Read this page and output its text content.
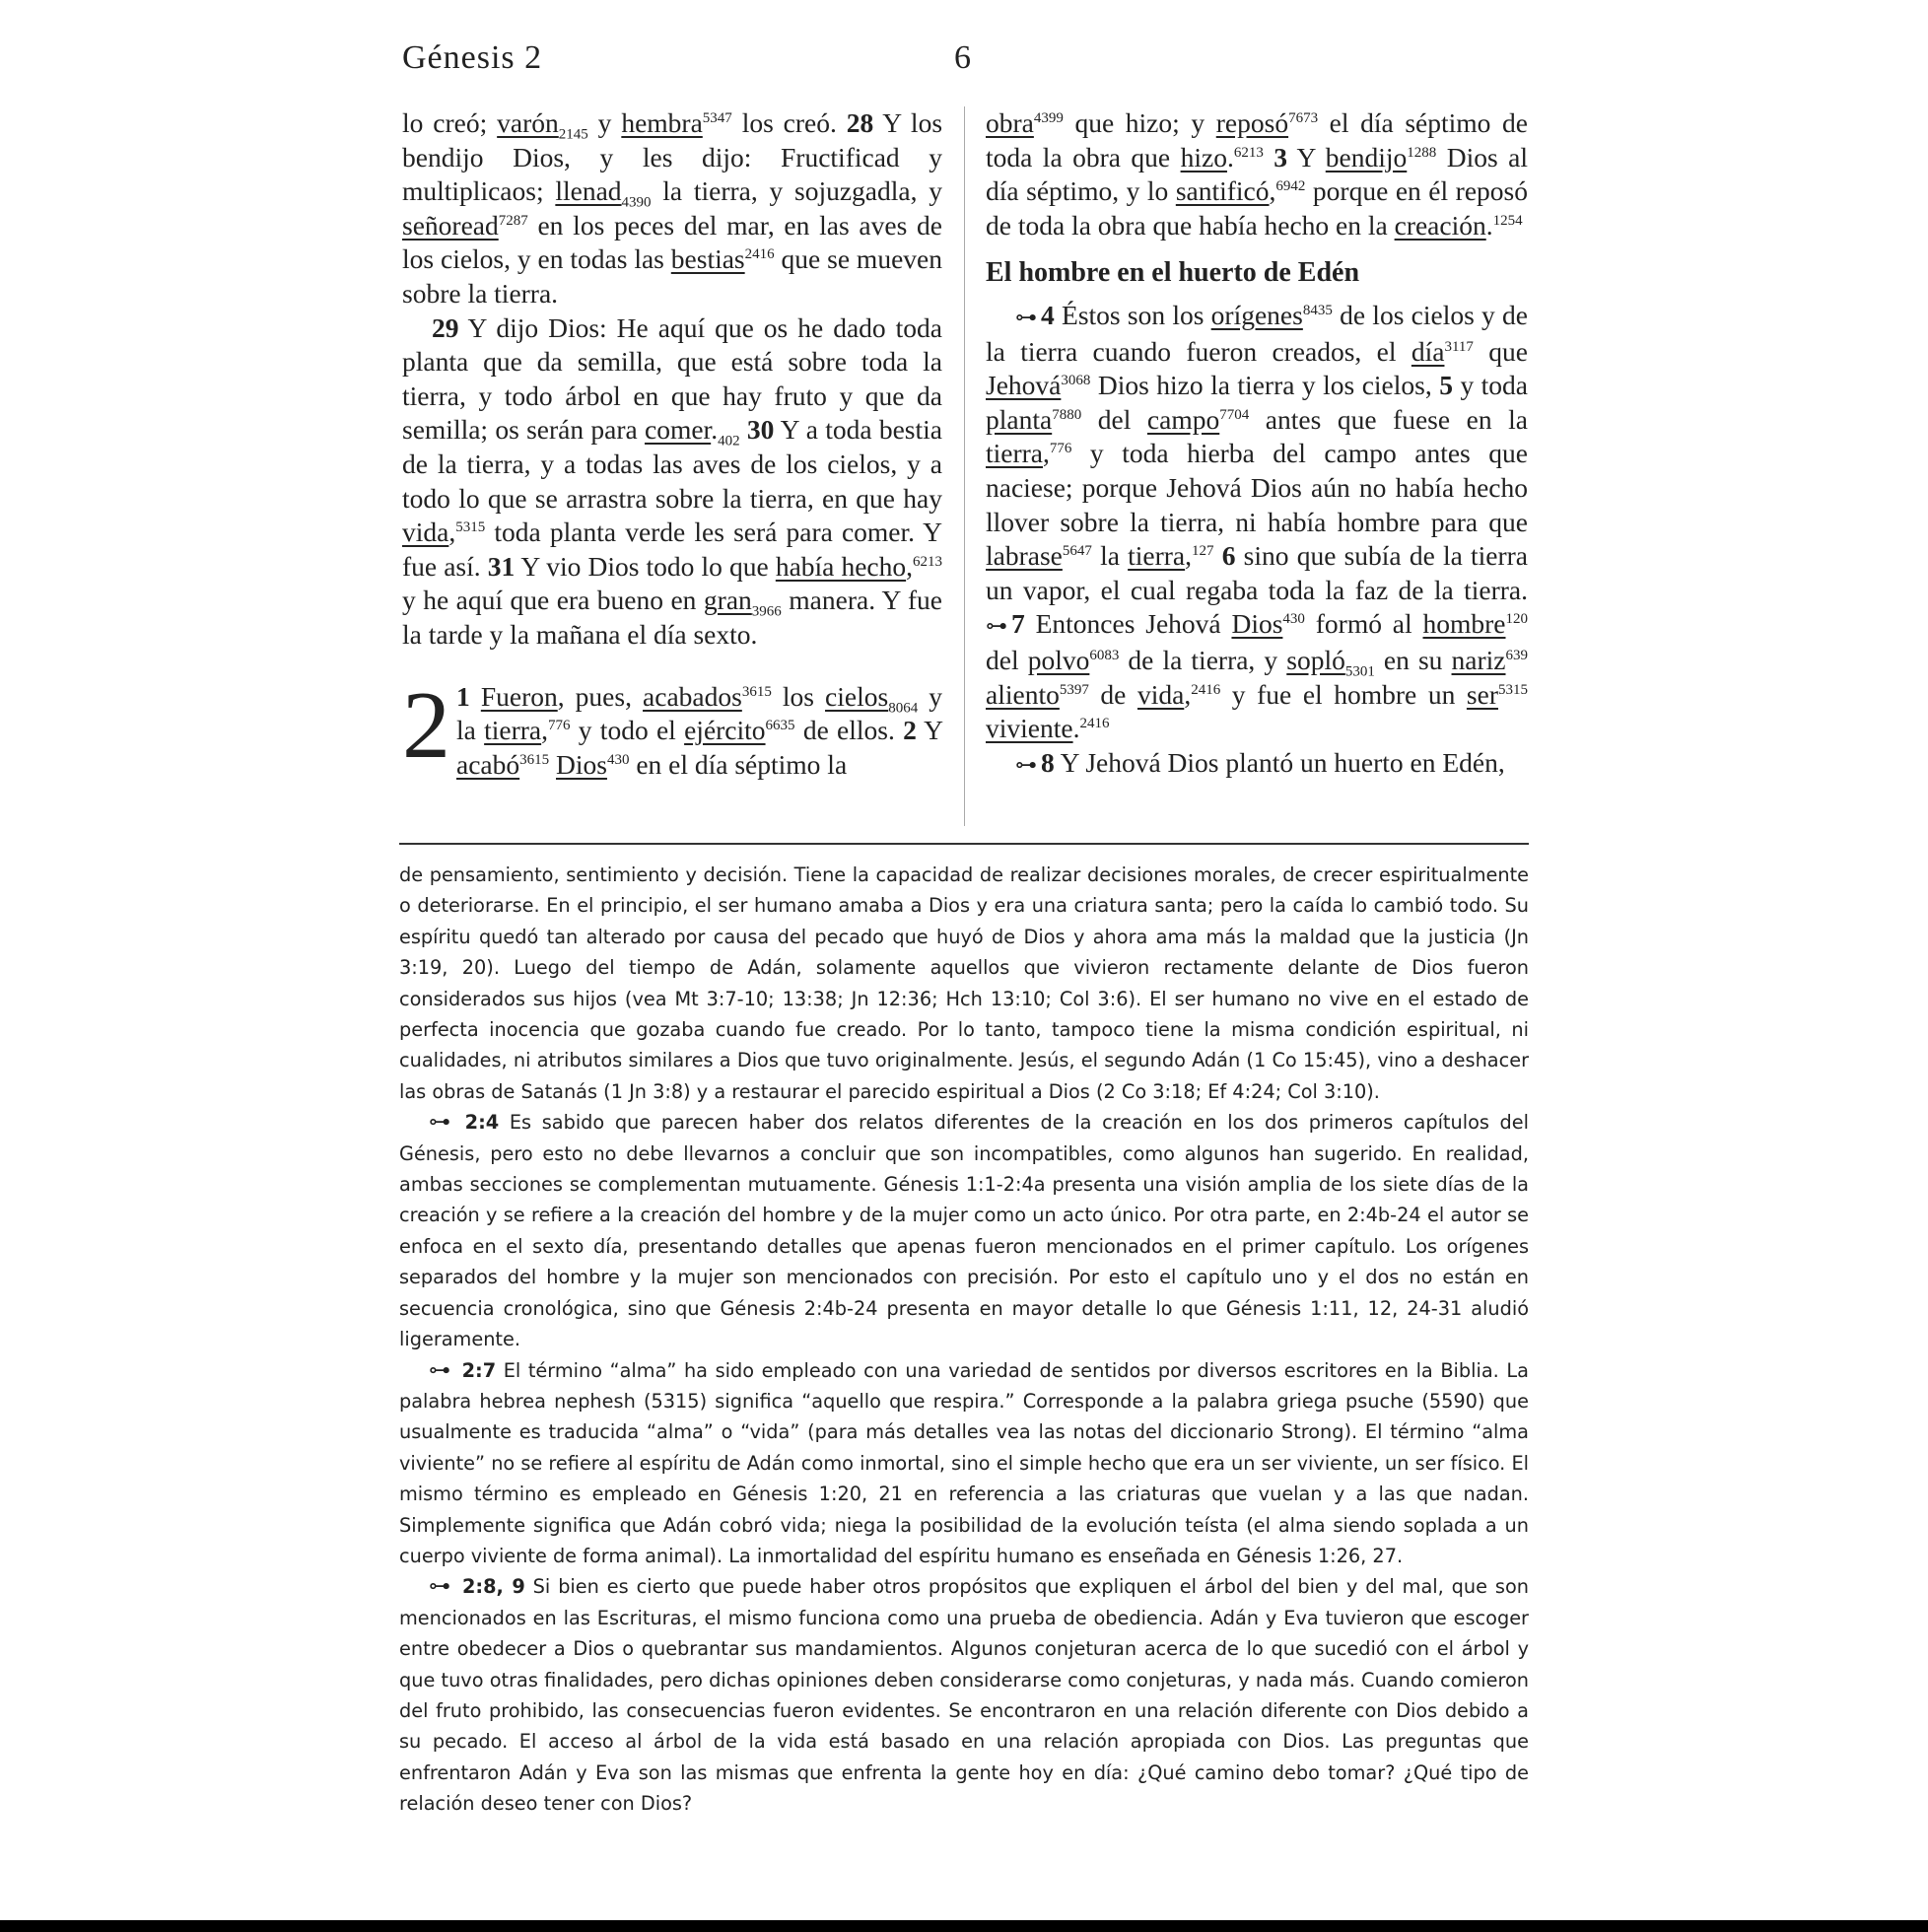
Génesis 2	6

lo creó; varón$_{2145}$ y hembra$^{5347}$ los creó. 28 Y los bendijo Dios, y les dijo: Fructificad y multiplicaos; llenad$_{4390}$ la tierra, y sojuzgadla, y señoread$^{7287}$ en los peces del mar, en las aves de los cielos, y en todas las bestias$^{2416}$ que se mueven sobre la tierra.

29 Y dijo Dios: He aquí que os he dado toda planta que da semilla, que está sobre toda la tierra, y todo árbol en que hay fruto y que da semilla; os serán para $comer._{402}$ 30 Y a toda bestia de la tierra, y a todas las aves de los cielos, y a todo lo que se arrastra sobre la tierra, en que hay vida,$^{5315}$ toda planta verde les será para comer. Y fue así. 31 Y vio Dios todo lo que había hecho,$^{6213}$ y he aquí que era bueno en gran$_{3966}$ manera. Y fue la tarde y la mañana el día sexto.

2 1 Fueron, pues, acabados$^{3615}$ los cielos$_{8064}$ y la tierra,$^{776}$ y todo el ejército$^{6635}$ de ellos. 2 Y acabó$^{3615}$ Dios$^{430}$ en el día séptimo la

obra$^{4399}$ que hizo; y reposó$^{7673}$ el día séptimo de toda la obra que hizo.$^{6213}$ 3 Y bendijo$^{1288}$ Dios al día séptimo, y lo santificó,$^{6942}$ porque en él reposó de toda la obra que había hecho en la creación.$^{1254}$

El hombre en el huerto de Edén

⊶ 4 Éstos son los orígenes$^{8435}$ de los cielos y de la tierra cuando fueron creados, el día$^{3117}$ que Jehová$^{3068}$ Dios hizo la tierra y los cielos, 5 y toda planta$^{7880}$ del campo$^{7704}$ antes que fuese en la tierra,$^{776}$ y toda hierba del campo antes que naciese; porque Jehová Dios aún no había hecho llover sobre la tierra, ni había hombre para que labrase$^{5647}$ la tierra,$^{127}$ 6 sino que subía de la tierra un vapor, el cual regaba toda la faz de la tierra. ⊶ 7 Entonces Jehová Dios$^{430}$ formó al hombre$^{120}$ del polvo$^{6083}$ de la tierra, y sopló$_{5301}$ en su nariz$^{639}$ aliento$^{5397}$ de vida,$^{2416}$ y fue el hombre un ser$^{5315}$ viviente.$^{2416}$

⊶ 8 Y Jehová Dios plantó un huerto en Edén,

de pensamiento, sentimiento y decisión. Tiene la capacidad de realizar decisiones morales, de crecer espiritualmente o deteriorarse. En el principio, el ser humano amaba a Dios y era una criatura santa; pero la caída lo cambió todo. Su espíritu quedó tan alterado por causa del pecado que huyó de Dios y ahora ama más la maldad que la justicia (Jn 3:19, 20). Luego del tiempo de Adán, solamente aquellos que vivieron rectamente delante de Dios fueron considerados sus hijos (vea Mt 3:7-10; 13:38; Jn 12:36; Hch 13:10; Col 3:6). El ser humano no vive en el estado de perfecta inocencia que gozaba cuando fue creado. Por lo tanto, tampoco tiene la misma condición espiritual, ni cualidades, ni atributos similares a Dios que tuvo originalmente. Jesús, el segundo Adán (1 Co 15:45), vino a deshacer las obras de Satanás (1 Jn 3:8) y a restaurar el parecido espiritual a Dios (2 Co 3:18; Ef 4:24; Col 3:10).

⊶ 2:4 Es sabido que parecen haber dos relatos diferentes de la creación en los dos primeros capítulos del Génesis, pero esto no debe llevarnos a concluir que son incompatibles, como algunos han sugerido. En realidad, ambas secciones se complementan mutuamente. Génesis 1:1-2:4a presenta una visión amplia de los siete días de la creación y se refiere a la creación del hombre y de la mujer como un acto único. Por otra parte, en 2:4b-24 el autor se enfoca en el sexto día, presentando detalles que apenas fueron mencionados en el primer capítulo. Los orígenes separados del hombre y la mujer son mencionados con precisión. Por esto el capítulo uno y el dos no están en secuencia cronológica, sino que Génesis 2:4b-24 presenta en mayor detalle lo que Génesis 1:11, 12, 24-31 aludió ligeramente.

⊶ 2:7 El término “alma” ha sido empleado con una variedad de sentidos por diversos escritores en la Biblia. La palabra hebrea nephesh (5315) significa “aquello que respira.” Corresponde a la palabra griega psuche (5590) que usualmente es traducida “alma” o “vida” (para más detalles vea las notas del diccionario Strong). El término “alma viviente” no se refiere al espíritu de Adán como inmortal, sino el simple hecho que era un ser viviente, un ser físico. El mismo término es empleado en Génesis 1:20, 21 en referencia a las criaturas que vuelan y a las que nadan. Simplemente significa que Adán cobró vida; niega la posibilidad de la evolución teísta (el alma siendo soplada a un cuerpo viviente de forma animal). La inmortalidad del espíritu humano es enseñada en Génesis 1:26, 27.

⊶ 2:8, 9 Si bien es cierto que puede haber otros propósitos que expliquen el árbol del bien y del mal, que son mencionados en las Escrituras, el mismo funciona como una prueba de obediencia. Adán y Eva tuvieron que escoger entre obedecer a Dios o quebrantar sus mandamientos. Algunos conjeturan acerca de lo que sucedió con el árbol y que tuvo otras finalidades, pero dichas opiniones deben considerarse como conjeturas, y nada más. Cuando comieron del fruto prohibido, las consecuencias fueron evidentes. Se encontraron en una relación diferente con Dios debido a su pecado. El acceso al árbol de la vida está basado en una relación apropiada con Dios. Las preguntas que enfrentaron Adán y Eva son las mismas que enfrenta la gente hoy en día: ¿Qué camino debo tomar? ¿Qué tipo de relación deseo tener con Dios?
